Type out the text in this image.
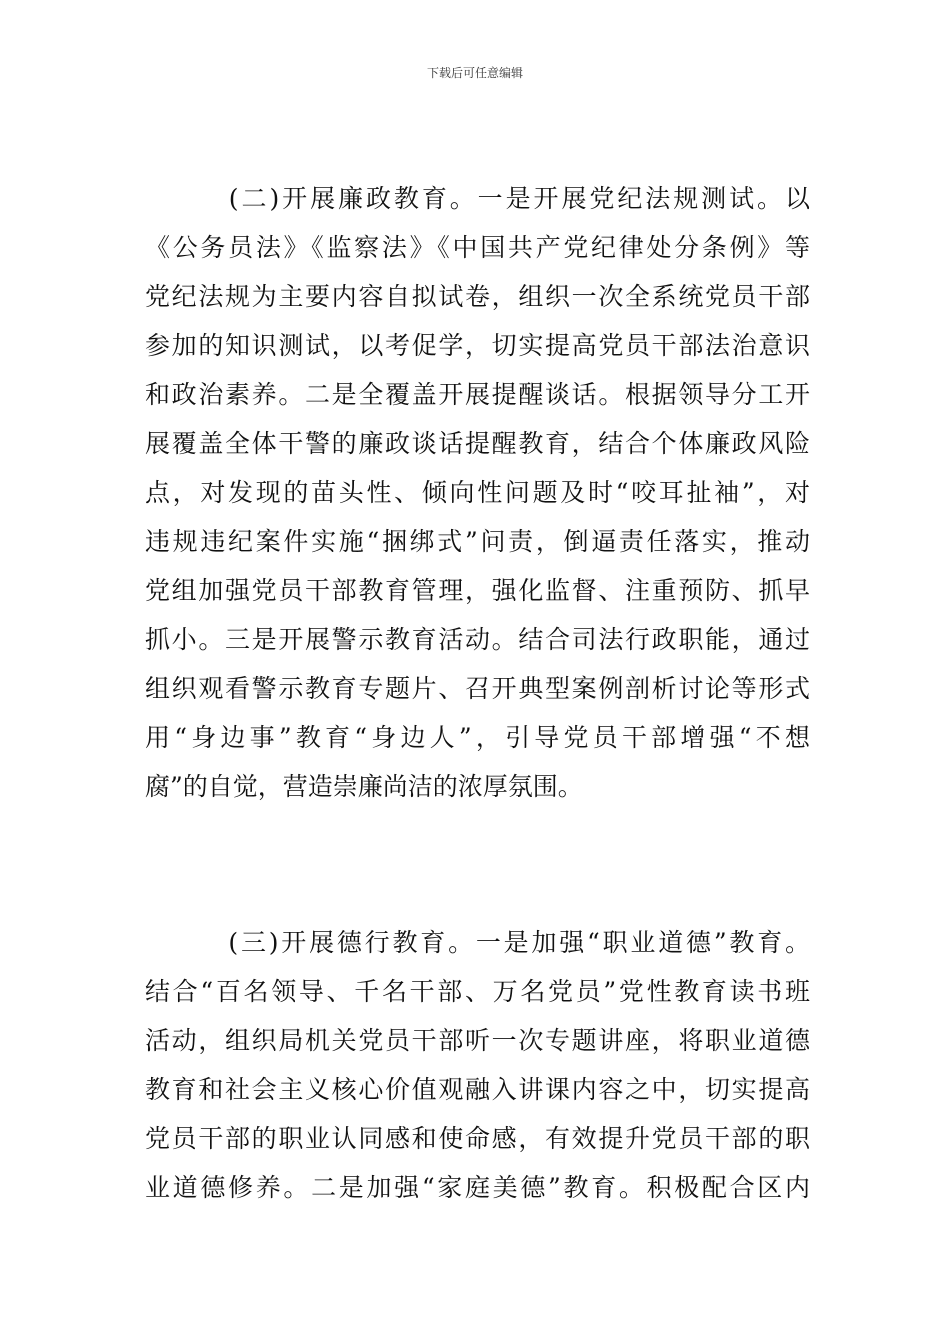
下载后可任意编辑
　　　(二)开展廉政教育。一是开展党纪法规测试。以
《公务员法》《监察法》《中国共产党纪律处分条例》等
党纪法规为主要内容自拟试卷，组织一次全系统党员干部
参加的知识测试，以考促学，切实提高党员干部法治意识
和政治素养。二是全覆盖开展提醒谈话。根据领导分工开
展覆盖全体干警的廉政谈话提醒教育，结合个体廉政风险
点，对发现的苗头性、倾向性问题及时“咬耳扯袖”，对
违规违纪案件实施“捆绑式”问责，倒逼责任落实，推动
党组加强党员干部教育管理，强化监督、注重预防、抓早
抓小。三是开展警示教育活动。结合司法行政职能，通过
组织观看警示教育专题片、召开典型案例剖析讨论等形式
用“身边事”教育“身边人”，引导党员干部增强“不想
腐”的自觉，营造崇廉尚洁的浓厚氛围。
　　　(三)开展德行教育。一是加强“职业道德”教育。
结合“百名领导、千名干部、万名党员”党性教育读书班
活动，组织局机关党员干部听一次专题讲座，将职业道德
教育和社会主义核心价值观融入讲课内容之中，切实提高
党员干部的职业认同感和使命感，有效提升党员干部的职
业道德修养。二是加强“家庭美德”教育。积极配合区内
